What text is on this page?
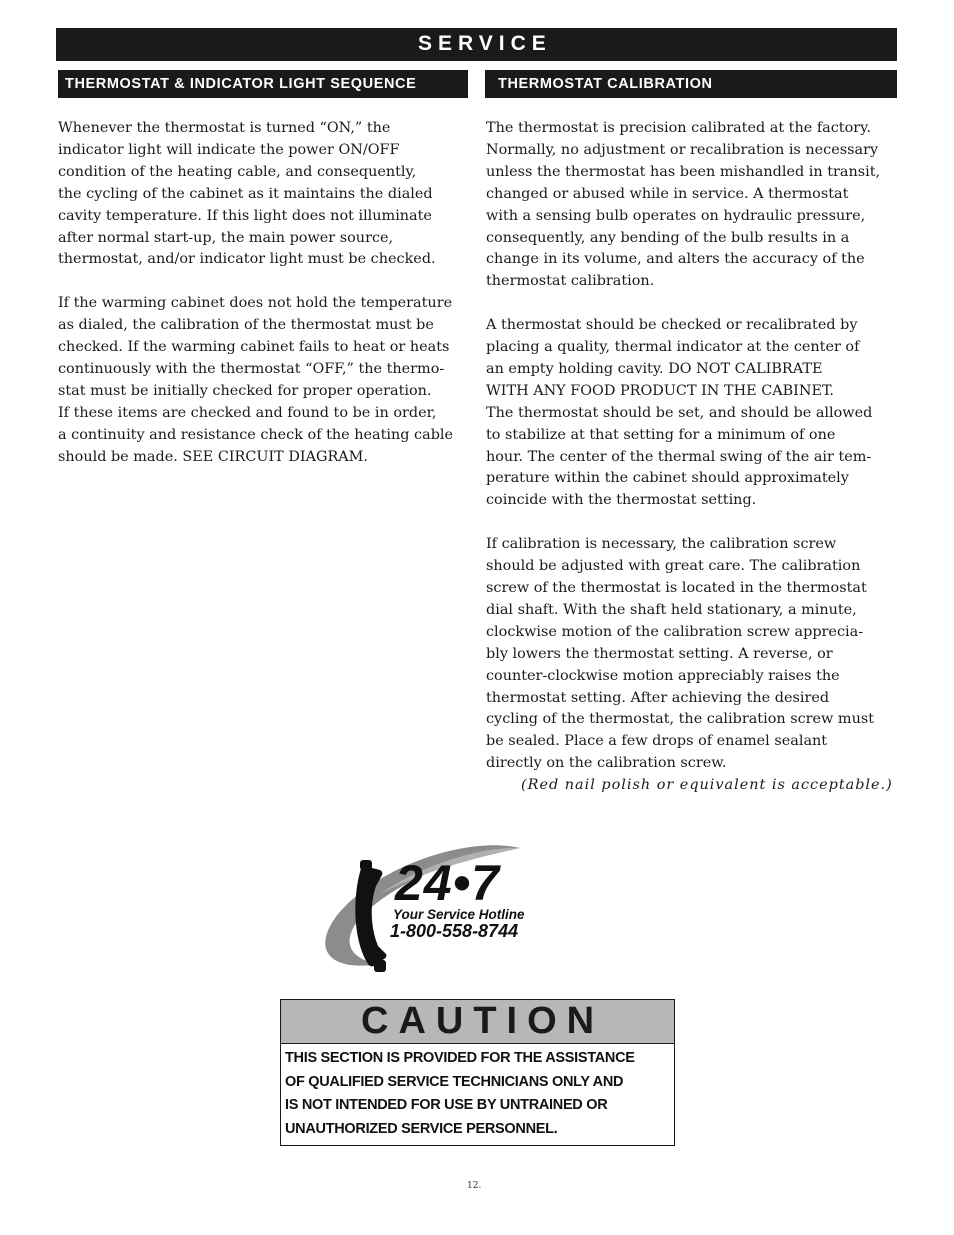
SERVICE
THERMOSTAT & INDICATOR LIGHT SEQUENCE	THERMOSTAT CALIBRATION

Whenever the thermostat is turned “ON,” the
indicator light will indicate the power ON/OFF
condition of the heating cable, and consequently,
the cycling of the cabinet as it maintains the dialed
cavity temperature. If this light does not illuminate
after normal start-up, the main power source,
thermostat, and/or indicator light must be checked.

If the warming cabinet does not hold the temperature
as dialed, the calibration of the thermostat must be
checked. If the warming cabinet fails to heat or heats
continuously with the thermostat “OFF,” the thermo-
stat must be initially checked for proper operation.
If these items are checked and found to be in order,
a continuity and resistance check of the heating cable
should be made. SEE CIRCUIT DIAGRAM.

The thermostat is precision calibrated at the factory.
Normally, no adjustment or recalibration is necessary
unless the thermostat has been mishandled in transit,
changed or abused while in service. A thermostat
with a sensing bulb operates on hydraulic pressure,
consequently, any bending of the bulb results in a
change in its volume, and alters the accuracy of the
thermostat calibration.

A thermostat should be checked or recalibrated by
placing a quality, thermal indicator at the center of
an empty holding cavity. DO NOT CALIBRATE
WITH ANY FOOD PRODUCT IN THE CABINET.
The thermostat should be set, and should be allowed
to stabilize at that setting for a minimum of one
hour. The center of the thermal swing of the air tem-
perature within the cabinet should approximately
coincide with the thermostat setting.

If calibration is necessary, the calibration screw
should be adjusted with great care. The calibration
screw of the thermostat is located in the thermostat
dial shaft. With the shaft held stationary, a minute,
clockwise motion of the calibration screw apprecia-
bly lowers the thermostat setting. A reverse, or
counter-clockwise motion appreciably raises the
thermostat setting. After achieving the desired
cycling of the thermostat, the calibration screw must
be sealed. Place a few drops of enamel sealant
directly on the calibration screw.
(Red nail polish or equivalent is acceptable.)

24•7
Your Service Hotline
1-800-558-8744
CAUTION
THIS SECTION IS PROVIDED FOR THE ASSISTANCE
OF QUALIFIED SERVICE TECHNICIANS ONLY AND
IS NOT INTENDED FOR USE BY UNTRAINED OR
UNAUTHORIZED SERVICE PERSONNEL.
12.
